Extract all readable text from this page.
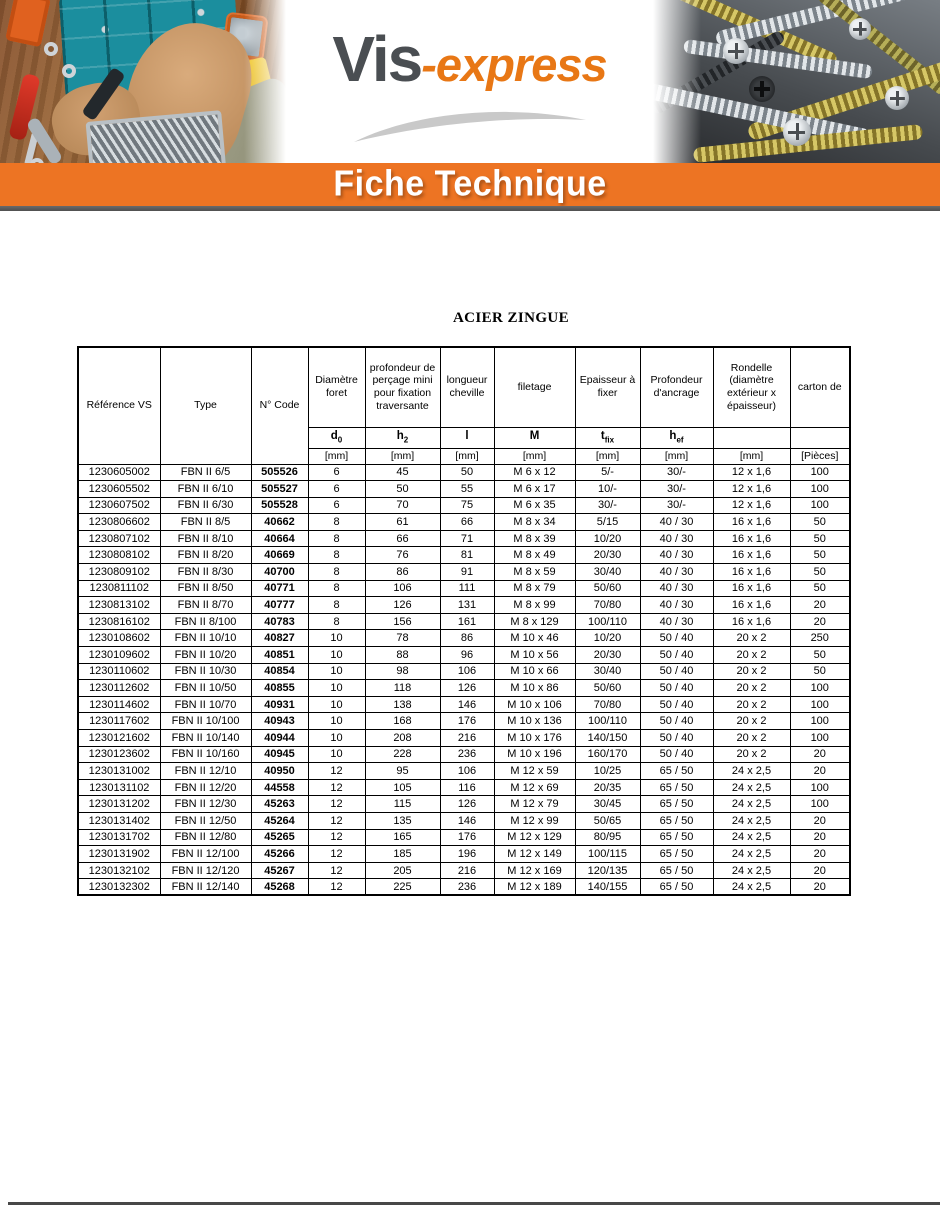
Vis -express
Fiche Technique
ACIER ZINGUE
Référence VS	Type	N° Code	Diamètre foret	profondeur de perçage mini pour fixation traversante	longueur cheville	filetage	Epaisseur à fixer	Profondeur d'ancrage	Rondelle (diamètre extérieur x épaisseur)	carton de
			$d_0$	$h_2$	l	M	$t_{fix}$	$h_{ef}$		
			[mm]	[mm]	[mm]	[mm]	[mm]	[mm]	[mm]	[Pièces]
1230605002	FBN II 6/5	505526	6	45	50	M 6 x 12	5/-	30/-	12 x 1,6	100
1230605502	FBN II 6/10	505527	6	50	55	M 6 x 17	10/-	30/-	12 x 1,6	100
1230607502	FBN II 6/30	505528	6	70	75	M 6 x 35	30/-	30/-	12 x 1,6	100
1230806602	FBN II 8/5	40662	8	61	66	M 8 x 34	5/15	40 / 30	16 x 1,6	50
1230807102	FBN II 8/10	40664	8	66	71	M 8 x 39	10/20	40 / 30	16 x 1,6	50
1230808102	FBN II 8/20	40669	8	76	81	M 8 x 49	20/30	40 / 30	16 x 1,6	50
1230809102	FBN II 8/30	40700	8	86	91	M 8 x 59	30/40	40 / 30	16 x 1,6	50
1230811102	FBN II 8/50	40771	8	106	111	M 8 x 79	50/60	40 / 30	16 x 1,6	50
1230813102	FBN II 8/70	40777	8	126	131	M 8 x 99	70/80	40 / 30	16 x 1,6	20
1230816102	FBN II 8/100	40783	8	156	161	M 8 x 129	100/110	40 / 30	16 x 1,6	20
1230108602	FBN II 10/10	40827	10	78	86	M 10 x 46	10/20	50 / 40	20 x 2	250
1230109602	FBN II 10/20	40851	10	88	96	M 10 x 56	20/30	50 / 40	20 x 2	50
1230110602	FBN II 10/30	40854	10	98	106	M 10 x 66	30/40	50 / 40	20 x 2	50
1230112602	FBN II 10/50	40855	10	118	126	M 10 x 86	50/60	50 / 40	20 x 2	100
1230114602	FBN II 10/70	40931	10	138	146	M 10 x 106	70/80	50 / 40	20 x 2	100
1230117602	FBN II 10/100	40943	10	168	176	M 10 x 136	100/110	50 / 40	20 x 2	100
1230121602	FBN II 10/140	40944	10	208	216	M 10 x 176	140/150	50 / 40	20 x 2	100
1230123602	FBN II 10/160	40945	10	228	236	M 10 x 196	160/170	50 / 40	20 x 2	20
1230131002	FBN II 12/10	40950	12	95	106	M 12 x 59	10/25	65 / 50	24 x 2,5	20
1230131102	FBN II 12/20	44558	12	105	116	M 12 x 69	20/35	65 / 50	24 x 2,5	100
1230131202	FBN II 12/30	45263	12	115	126	M 12 x 79	30/45	65 / 50	24 x 2,5	100
1230131402	FBN II 12/50	45264	12	135	146	M 12 x 99	50/65	65 / 50	24 x 2,5	20
1230131702	FBN II 12/80	45265	12	165	176	M 12 x 129	80/95	65 / 50	24 x 2,5	20
1230131902	FBN II 12/100	45266	12	185	196	M 12 x 149	100/115	65 / 50	24 x 2,5	20
1230132102	FBN II 12/120	45267	12	205	216	M 12 x 169	120/135	65 / 50	24 x 2,5	20
1230132302	FBN II 12/140	45268	12	225	236	M 12 x 189	140/155	65 / 50	24 x 2,5	20
